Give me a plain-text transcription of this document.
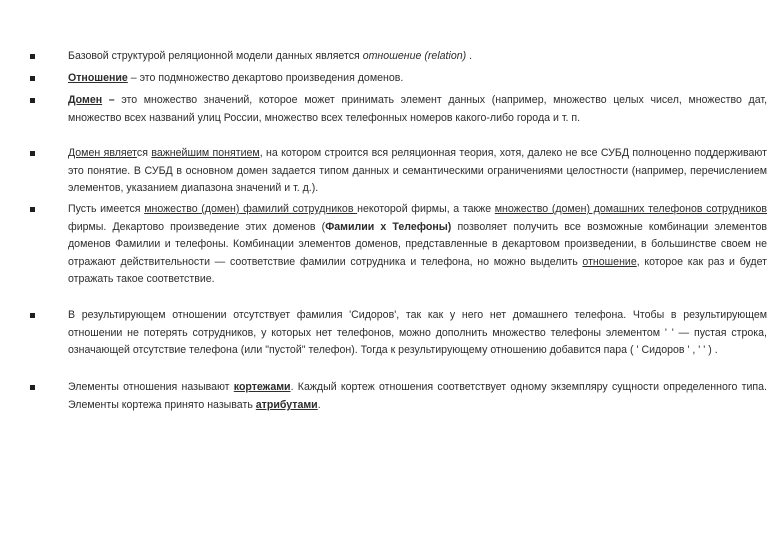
Базовой структурой реляционной модели данных является отношение (relation) .
Отношение – это подмножество декартово произведения доменов.
Домен – это множество значений, которое может принимать элемент данных (например, множество целых чисел, множество дат, множество всех названий улиц России, множество всех телефонных номеров какого-либо города и т. п.
Домен является важнейшим понятием, на котором строится вся реляционная теория, хотя, далеко не все СУБД полноценно поддерживают это понятие. В СУБД в основном домен задается типом данных и семантическими ограничениями целостности (например, перечислением элементов, указанием диапазона значений и т. д.).
Пусть имеется множество (домен) фамилий сотрудников некоторой фирмы, а также множество (домен) домашних телефонов сотрудников фирмы. Декартово произведение этих доменов (Фамилии х Телефоны) позволяет получить все возможные комбинации элементов доменов Фамилии и телефоны. Комбинации элементов доменов, представленные в декартовом произведении, в большинстве своем не отражают действительности — соответствие фамилии сотрудника и телефона, но можно выделить отношение, которое как раз и будет отражать такое соответствие.
В результирующем отношении отсутствует фамилия 'Сидоров', так как у него нет домашнего телефона. Чтобы в результирующем отношении не потерять сотрудников, у которых нет телефонов, можно дополнить множество телефоны элементом ' ' — пустая строка, означающей отсутствие телефона (или "пустой" телефон). Тогда к результирующему отношению добавится пара ( ' Сидоров ' , ' ' ) .
Элементы отношения называют кортежами. Каждый кортеж отношения соответствует одному экземпляру сущности определенного типа. Элементы кортежа принято называть атрибутами.
